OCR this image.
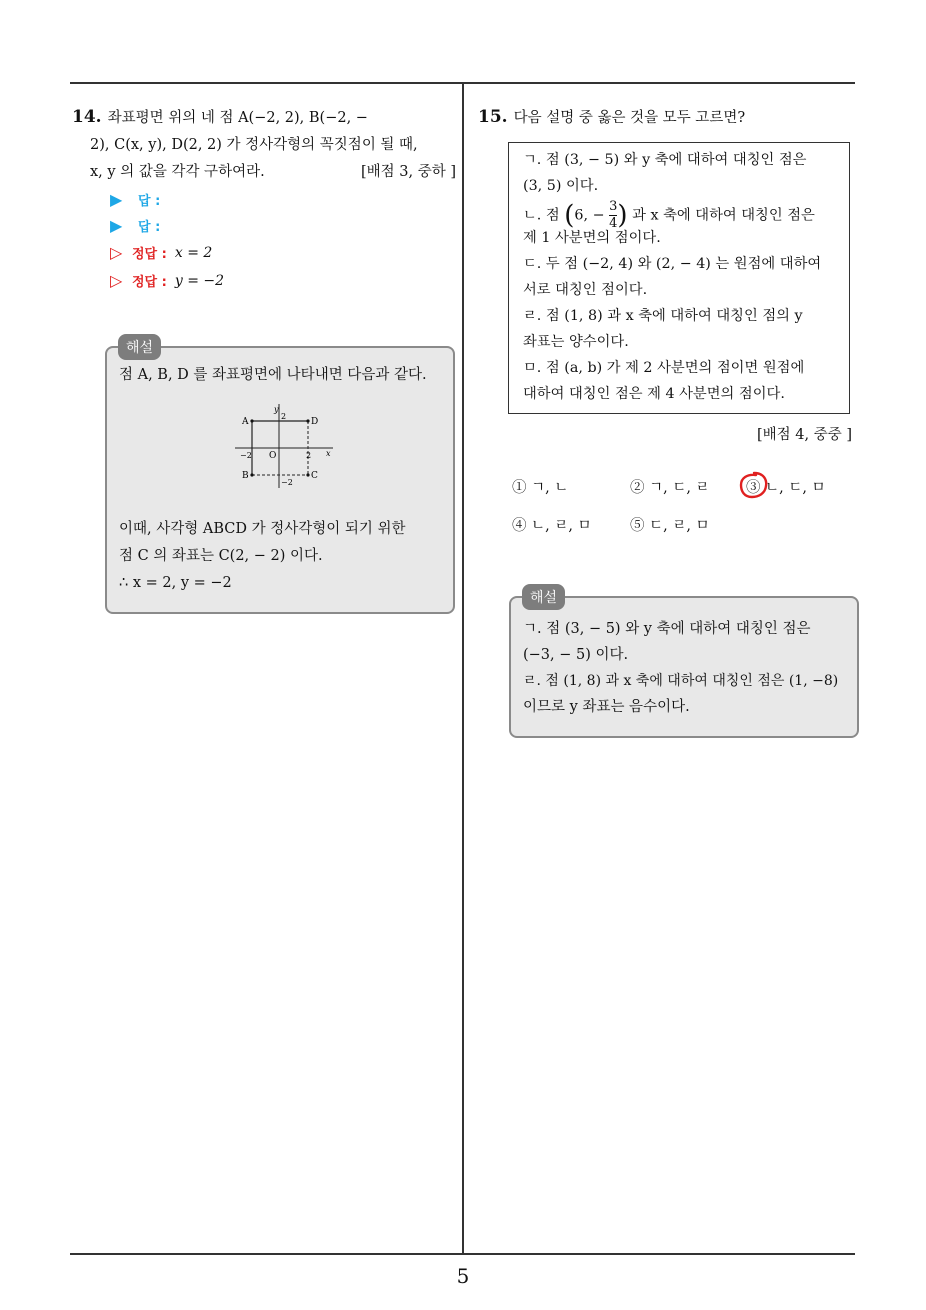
5
14. 좌표평면 위의 네 점 A(−2, 2), B(−2, −
2), C(x, y), D(2, 2) 가 정사각형의 꼭짓점이 될 때,
x, y 의 값을 각각 구하여라.	[배점 3, 중하 ]
▶	답 :
▶	답 :
▷ 정답 : x = 2
▷ 정답 : y = −2
점 A, B, D 를 좌표평면에 나타내면 다음과 같다.
A	D
B	C
O	x
y
−2	2
2
−2
이때, 사각형 ABCD 가 정사각형이 되기 위한
점 C 의 좌표는 C(2, − 2) 이다.
∴ x = 2, y = −2
해설
15. 다음 설명 중 옳은 것을 모두 고르면?
ㄱ. 점 (3, − 5) 와 y 축에 대하여 대칭인 점은
(3, 5) 이다.
ㄴ. 점 (6, − $\frac{3}{4}$ ) 과 x 축에 대하여 대칭인 점은
제 1 사분면의 점이다.
ㄷ. 두 점 (−2, 4) 와 (2, − 4) 는 원점에 대하여
서로 대칭인 점이다.
ㄹ. 점 (1, 8) 과 x 축에 대하여 대칭인 점의 y
좌표는 양수이다.
ㅁ. 점 (a, b) 가 제 2 사분면의 점이면 원점에
대하여 대칭인 점은 제 4 사분면의 점이다.
[배점 4, 중중 ]
① ㄱ, ㄴ	② ㄱ, ㄷ, ㄹ	③ ㄴ, ㄷ, ㅁ
④ ㄴ, ㄹ, ㅁ	⑤ ㄷ, ㄹ, ㅁ
ㄱ. 점 (3, − 5) 와 y 축에 대하여 대칭인 점은
(−3, − 5) 이다.
ㄹ. 점 (1, 8) 과 x 축에 대하여 대칭인 점은 (1, −8)
이므로 y 좌표는 음수이다.
해설
